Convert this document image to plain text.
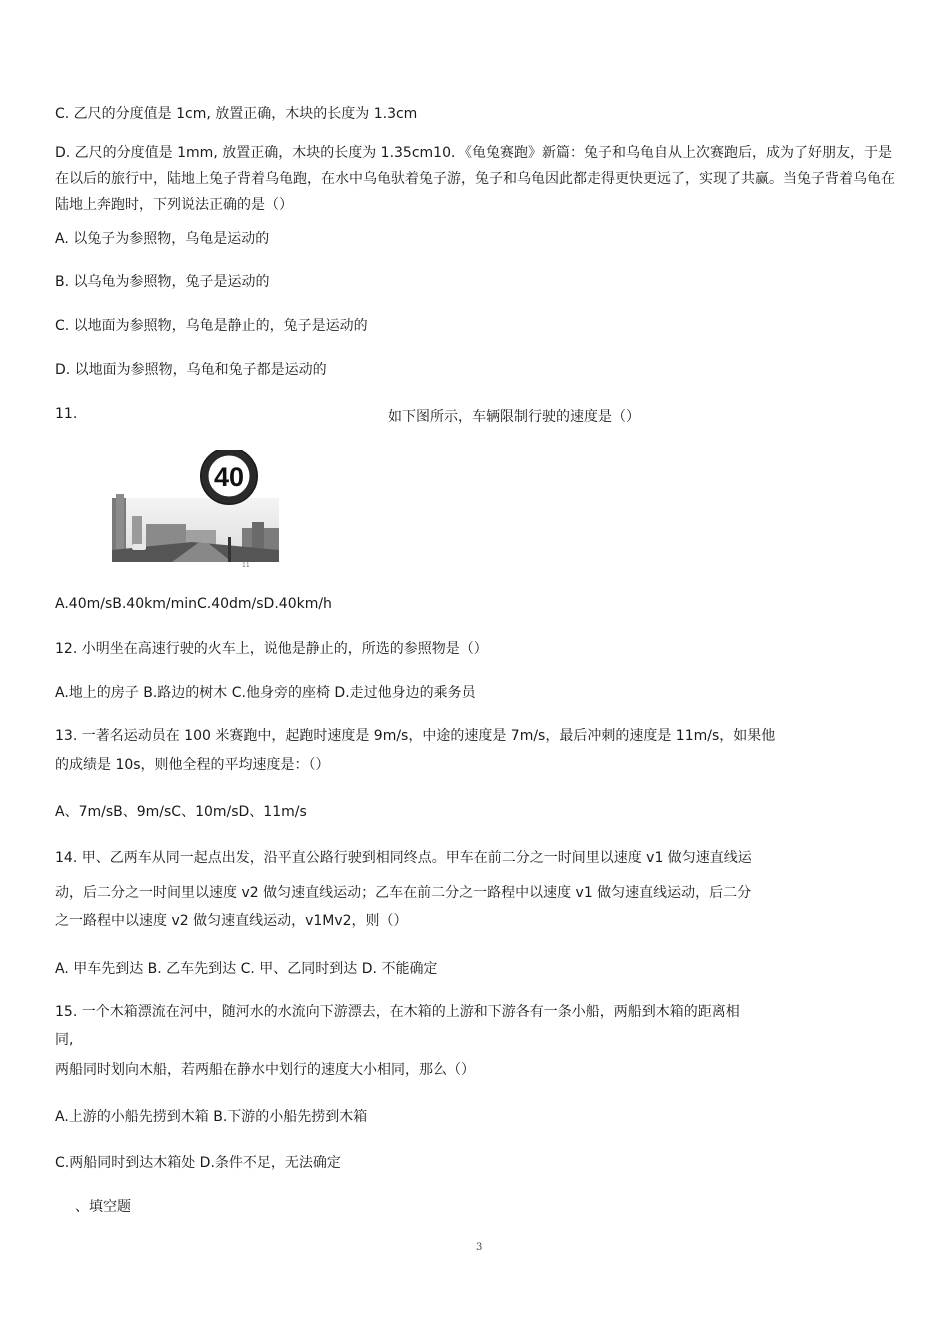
C. 乙尺的分度值是 1cm, 放置正确，木块的长度为 1.3cm
D. 乙尺的分度值是 1mm, 放置正确，木块的长度为 1.35cm10．《龟兔赛跑》新篇：兔子和乌龟自从上次赛跑后，成为了好朋友，于是在以后的旅行中，陆地上兔子背着乌龟跑，在水中乌龟驮着兔子游，兔子和乌龟因此都走得更快更远了，实现了共赢。当兔子背着乌龟在陆地上奔跑时，下列说法正确的是（）
A. 以兔子为参照物，乌龟是运动的
B. 以乌龟为参照物，兔子是运动的
C. 以地面为参照物，乌龟是静止的，兔子是运动的
D. 以地面为参照物，乌龟和兔子都是运动的
11.	如下图所示，车辆限制行驶的速度是（）
40
11
A.40m/sB.40km/minC.40dm/sD.40km/h
12. 小明坐在高速行驶的火车上，说他是静止的，所选的参照物是（）
A.地上的房子 B.路边的树木 C.他身旁的座椅 D.走过他身边的乘务员
13. 一著名运动员在 100 米赛跑中，起跑时速度是 9m/s，中途的速度是 7m/s，最后冲刺的速度是 11m/s，如果他
的成绩是 10s，则他全程的平均速度是：（）
A、7m/sB、9m/sC、10m/sD、11m/s
14. 甲、乙两车从同一起点出发，沿平直公路行驶到相同终点。甲车在前二分之一时间里以速度 v1 做匀速直线运
动，后二分之一时间里以速度 v2 做匀速直线运动；乙车在前二分之一路程中以速度 v1 做匀速直线运动，后二分
之一路程中以速度 v2 做匀速直线运动，v1Mv2，则（）
A. 甲车先到达 B. 乙车先到达 C. 甲、乙同时到达 D. 不能确定
15. 一个木箱漂流在河中，随河水的水流向下游漂去，在木箱的上游和下游各有一条小船，两船到木箱的距离相
同,
两船同时划向木船，若两船在静水中划行的速度大小相同，那么（）
A.上游的小船先捞到木箱 B.下游的小船先捞到木箱
C.两船同时到达木箱处 D.条件不足，无法确定
、填空题
3
